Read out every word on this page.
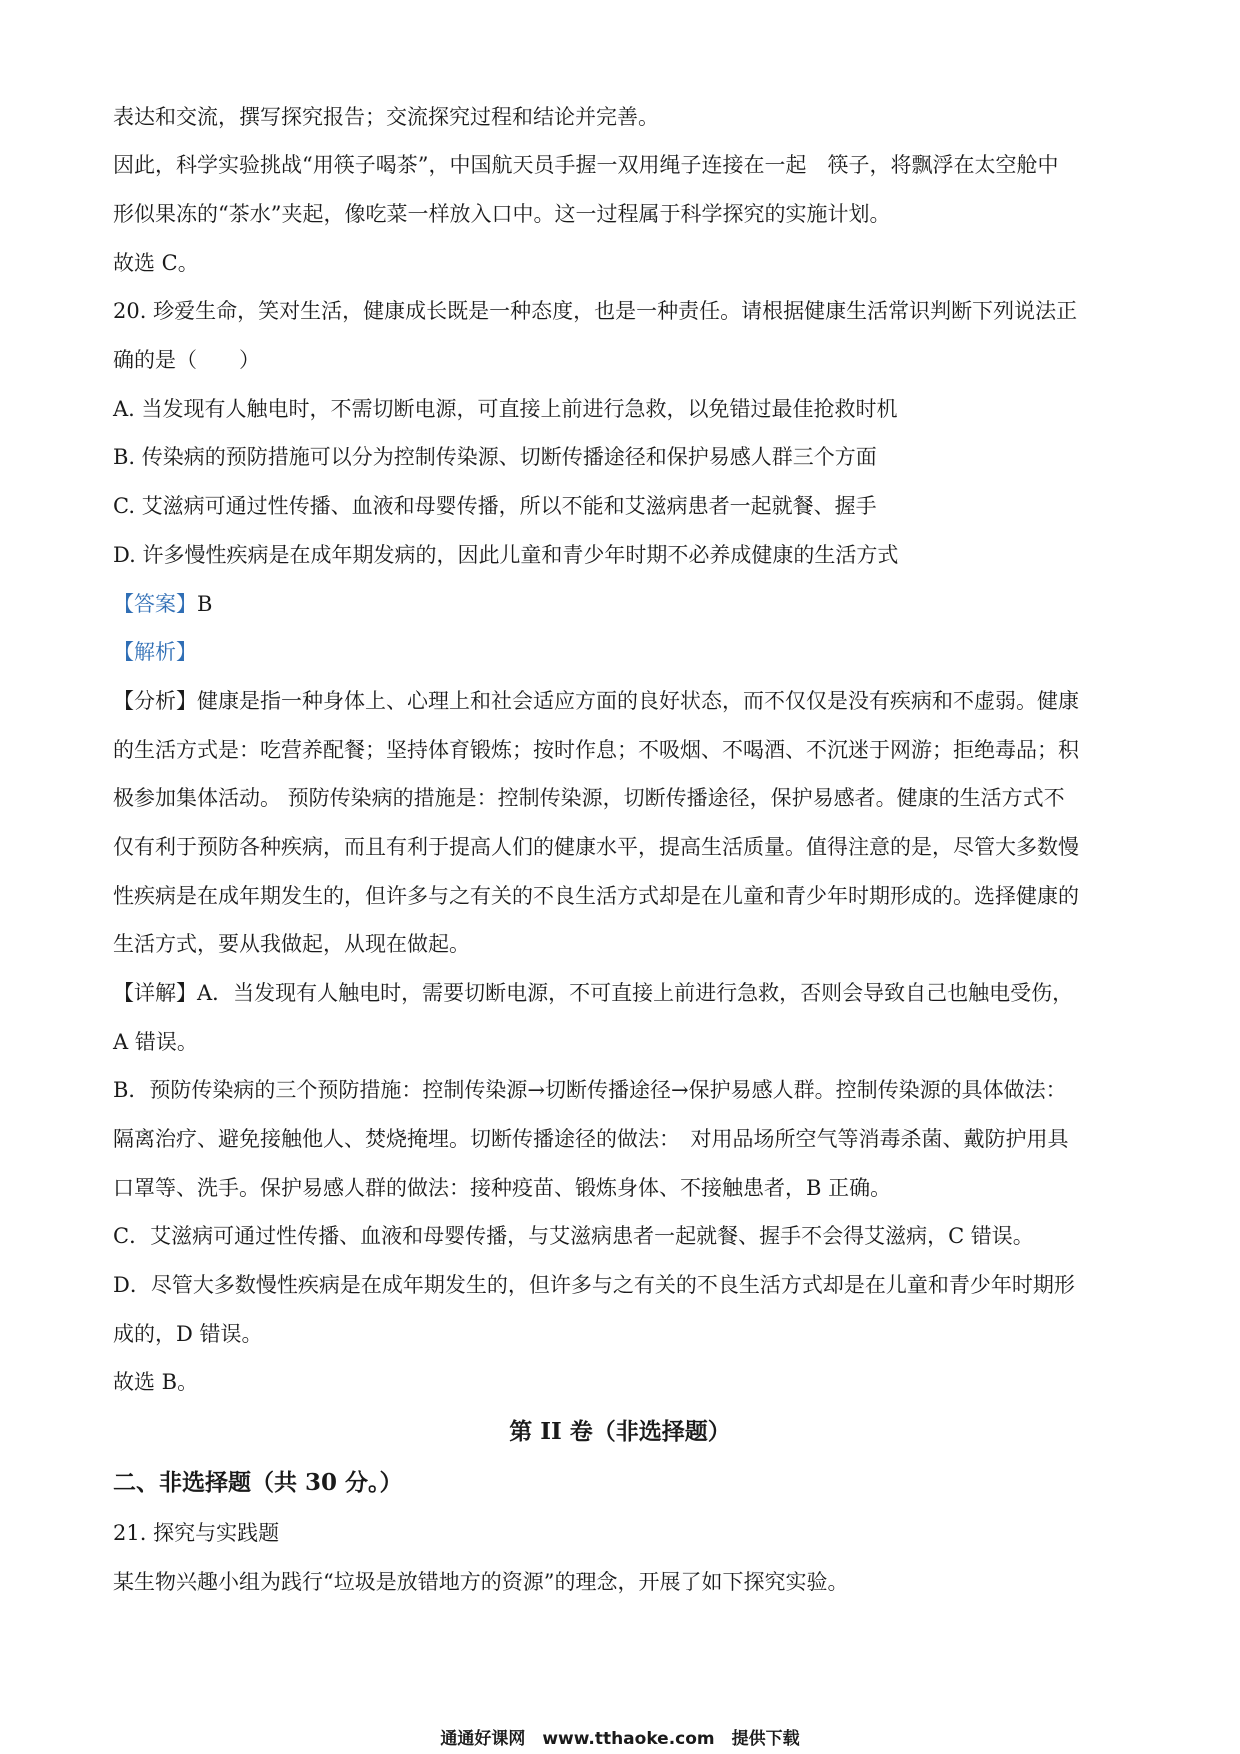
表达和交流，撰写探究报告；交流探究过程和结论并完善。
因此，科学实验挑战“用筷子喝茶”，中国航天员手握一双用绳子连接在一起　筷子，将飘浮在太空舱中
形似果冻的“茶水”夹起，像吃菜一样放入口中。这一过程属于科学探究的实施计划。
故选 C。
20. 珍爱生命，笑对生活，健康成长既是一种态度，也是一种责任。请根据健康生活常识判断下列说法正
确的是（　　）
A. 当发现有人触电时，不需切断电源，可直接上前进行急救，以免错过最佳抢救时机
B. 传染病的预防措施可以分为控制传染源、切断传播途径和保护易感人群三个方面
C. 艾滋病可通过性传播、血液和母婴传播，所以不能和艾滋病患者一起就餐、握手
D. 许多慢性疾病是在成年期发病的，因此儿童和青少年时期不必养成健康的生活方式
【答案】B
【解析】
【分析】健康是指一种身体上、心理上和社会适应方面的良好状态，而不仅仅是没有疾病和不虚弱。健康
的生活方式是：吃营养配餐；坚持体育锻炼；按时作息；不吸烟、不喝酒、不沉迷于网游；拒绝毒品；积
极参加集体活动。 预防传染病的措施是：控制传染源，切断传播途径，保护易感者。健康的生活方式不
仅有利于预防各种疾病，而且有利于提高人们的健康水平，提高生活质量。值得注意的是，尽管大多数慢
性疾病是在成年期发生的，但许多与之有关的不良生活方式却是在儿童和青少年时期形成的。选择健康的
生活方式，要从我做起，从现在做起。
【详解】A．当发现有人触电时，需要切断电源，不可直接上前进行急救，否则会导致自己也触电受伤，
A 错误。
B．预防传染病的三个预防措施：控制传染源→切断传播途径→保护易感人群。控制传染源的具体做法：
隔离治疗、避免接触他人、焚烧掩埋。切断传播途径的做法：　对用品场所空气等消毒杀菌、戴防护用具
口罩等、洗手。保护易感人群的做法：接种疫苗、锻炼身体、不接触患者，B 正确。
C．艾滋病可通过性传播、血液和母婴传播，与艾滋病患者一起就餐、握手不会得艾滋病，C 错误。
D．尽管大多数慢性疾病是在成年期发生的，但许多与之有关的不良生活方式却是在儿童和青少年时期形
成的，D 错误。
故选 B。
第 II 卷（非选择题）
二、非选择题（共 30 分。）
21. 探究与实践题
某生物兴趣小组为践行“垃圾是放错地方的资源”的理念，开展了如下探究实验。
通通好课网　www.tthaoke.com　提供下载
